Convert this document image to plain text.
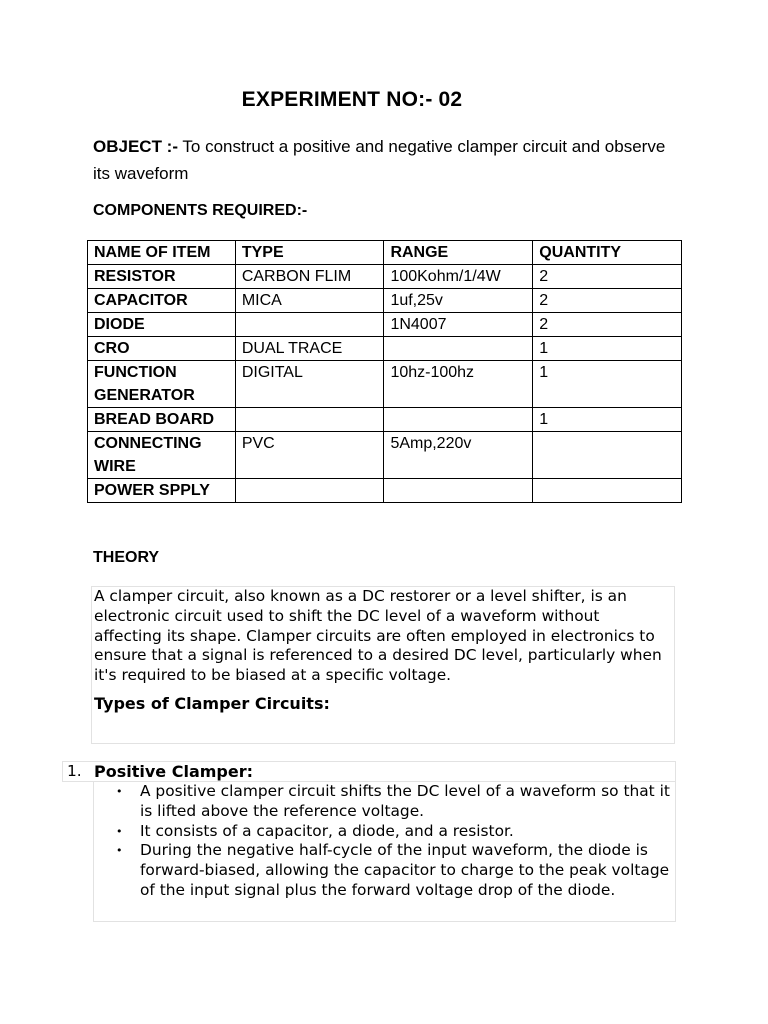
EXPERIMENT NO:- 02
OBJECT :- To construct a positive and negative clamper circuit and observe its waveform
COMPONENTS REQUIRED:-
NAME OF ITEM	TYPE	RANGE	QUANTITY
RESISTOR	CARBON FLIM	100Kohm/1/4W	2
CAPACITOR	MICA	1uf,25v	2
DIODE		1N4007	2
CRO	DUAL TRACE		1
FUNCTION GENERATOR	DIGITAL	10hz-100hz	1
BREAD BOARD			1
CONNECTING WIRE	PVC	5Amp,220v	
POWER SPPLY			
THEORY

A clamper circuit, also known as a DC restorer or a level shifter, is an electronic circuit used to shift the DC level of a waveform without affecting its shape. Clamper circuits are often employed in electronics to ensure that a signal is referenced to a desired DC level, particularly when it's required to be biased at a specific voltage.

Types of Clamper Circuits:

1. Positive Clamper:
• A positive clamper circuit shifts the DC level of a waveform so that it is lifted above the reference voltage.
• It consists of a capacitor, a diode, and a resistor.
• During the negative half-cycle of the input waveform, the diode is forward-biased, allowing the capacitor to charge to the peak voltage of the input signal plus the forward voltage drop of the diode.
